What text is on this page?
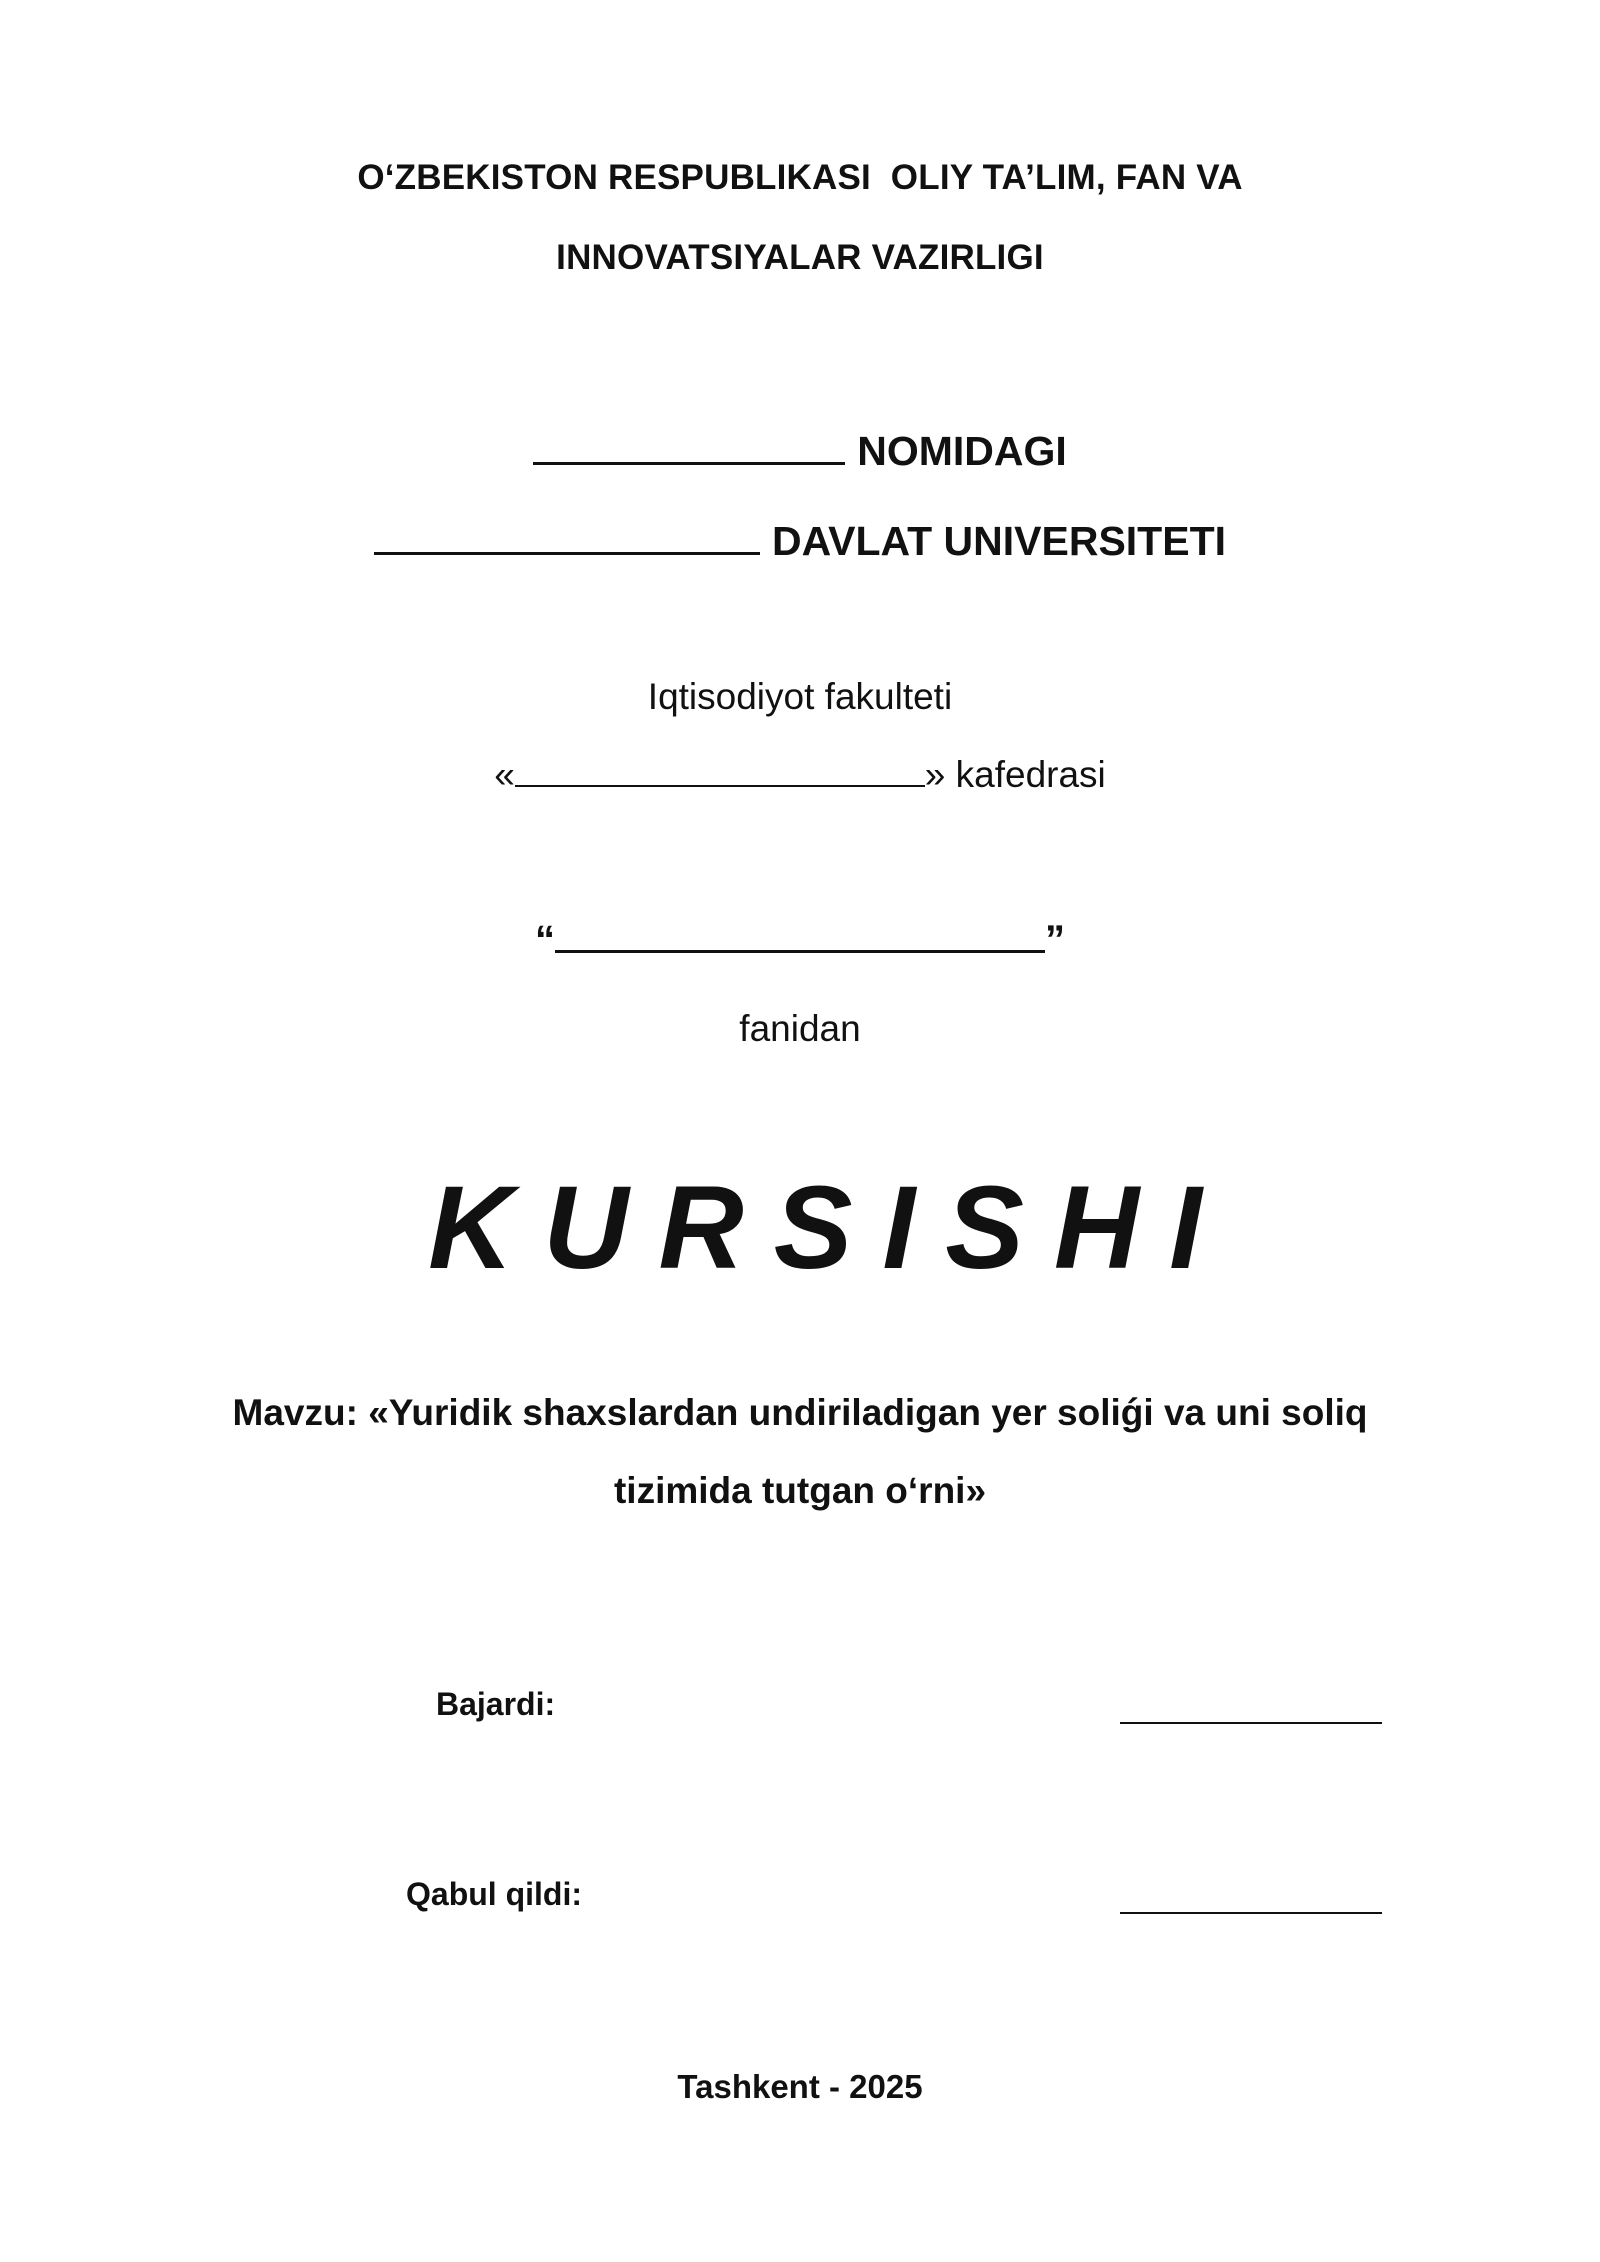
O‘ZBEKISTON RESPUBLIKASI  OLIY TA’LIM, FAN VA
INNOVATSIYALAR VAZIRLIGI
NOMIDAGI
DAVLAT UNIVERSITETI
Iqtisodiyot fakulteti
«	» kafedrasi
“	”
fanidan
KURSISHI
Mavzu: «Yuridik shaxslardan undiriladigan yer soliǵi va uni soliq
tizimida tutgan o‘rni»
Bajardi:
Qabul qildi:
Tashkent - 2025
